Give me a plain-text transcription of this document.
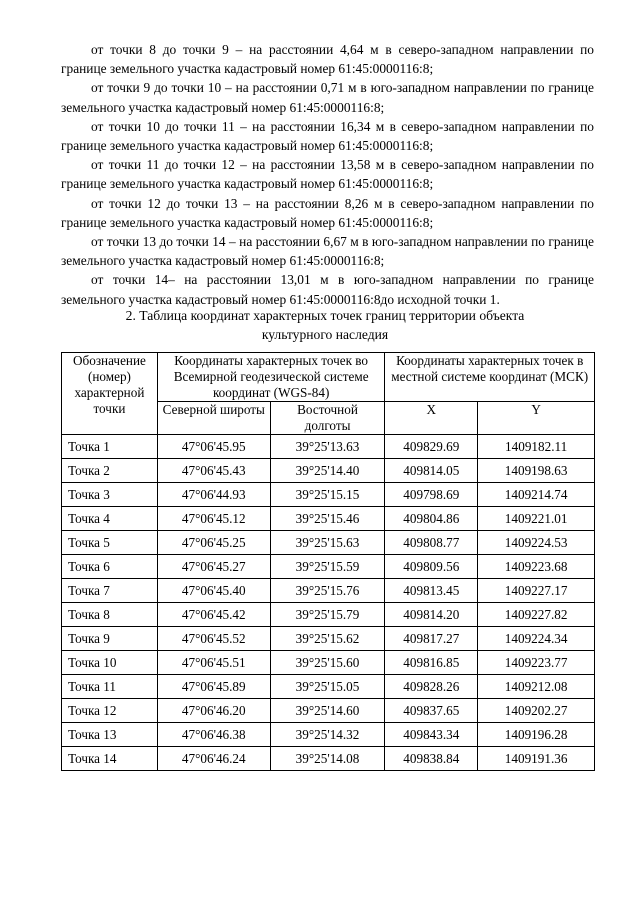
от точки 8 до точки 9 – на расстоянии 4,64 м в северо-западном направлении по границе земельного участка кадастровый номер 61:45:0000116:8;

от точки 9 до точки 10 – на расстоянии 0,71 м в юго-западном направлении по границе земельного участка кадастровый номер 61:45:0000116:8;

от точки 10 до точки 11 – на расстоянии 16,34 м в северо-западном направлении по границе земельного участка кадастровый номер 61:45:0000116:8;

от точки 11 до точки 12 – на расстоянии 13,58 м в северо-западном направлении по границе земельного участка кадастровый номер 61:45:0000116:8;

от точки 12 до точки 13 – на расстоянии 8,26 м в северо-западном направлении по границе земельного участка кадастровый номер 61:45:0000116:8;

от точки 13 до точки 14 – на расстоянии 6,67 м в юго-западном направлении по границе земельного участка кадастровый номер 61:45:0000116:8;

от точки 14– на расстоянии 13,01 м в юго-западном направлении по границе земельного участка кадастровый номер 61:45:0000116:8до исходной точки 1.

2. Таблица координат характерных точек границ территории объекта культурного наследия
Обозначение (номер) характерной точки	Координаты характерных точек во Всемирной геодезической системе координат (WGS-84)		Координаты характерных точек в местной системе координат (МСК)	
	Северной широты	Восточной долготы	X	Y
Точка 1	47°06'45.95	39°25'13.63	409829.69	1409182.11
Точка 2	47°06'45.43	39°25'14.40	409814.05	1409198.63
Точка 3	47°06'44.93	39°25'15.15	409798.69	1409214.74
Точка 4	47°06'45.12	39°25'15.46	409804.86	1409221.01
Точка 5	47°06'45.25	39°25'15.63	409808.77	1409224.53
Точка 6	47°06'45.27	39°25'15.59	409809.56	1409223.68
Точка 7	47°06'45.40	39°25'15.76	409813.45	1409227.17
Точка 8	47°06'45.42	39°25'15.79	409814.20	1409227.82
Точка 9	47°06'45.52	39°25'15.62	409817.27	1409224.34
Точка 10	47°06'45.51	39°25'15.60	409816.85	1409223.77
Точка 11	47°06'45.89	39°25'15.05	409828.26	1409212.08
Точка 12	47°06'46.20	39°25'14.60	409837.65	1409202.27
Точка 13	47°06'46.38	39°25'14.32	409843.34	1409196.28
Точка 14	47°06'46.24	39°25'14.08	409838.84	1409191.36
